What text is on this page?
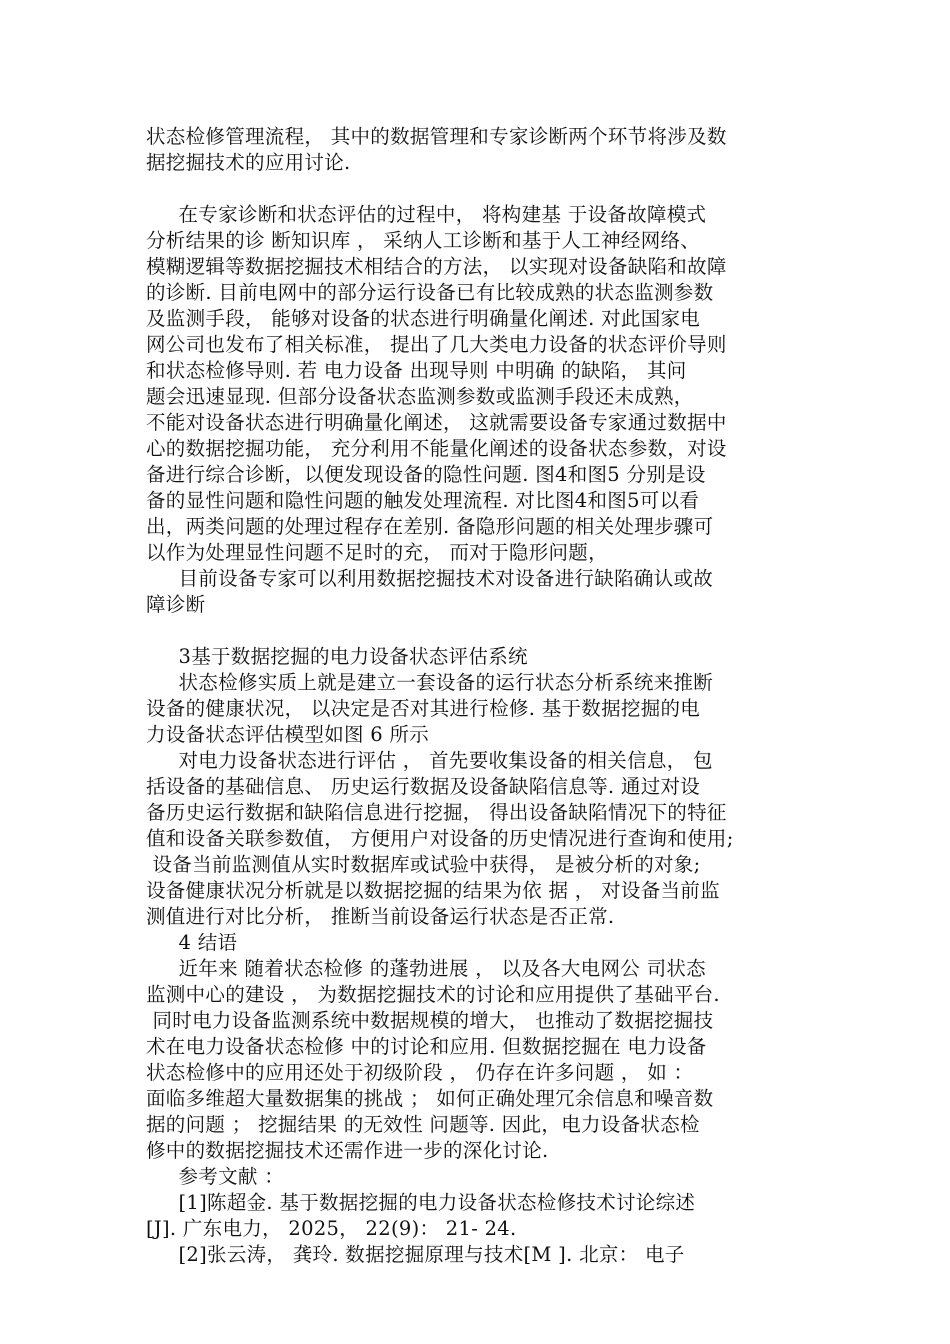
状态检修管理流程， 其中的数据管理和专家诊断两个环节将涉及数
据挖掘技术的应用讨论.
在专家诊断和状态评估的过程中， 将构建基 于设备故障模式
分析结果的诊 断知识库 ， 采纳人工诊断和基于人工神经网络、
模糊逻辑等数据挖掘技术相结合的方法， 以实现对设备缺陷和故障
的诊断. 目前电网中的部分运行设备已有比较成熟的状态监测参数
及监测手段， 能够对设备的状态进行明确量化阐述. 对此国家电
网公司也发布了相关标准， 提出了几大类电力设备的状态评价导则
和状态检修导则. 若 电力设备 出现导则 中明确 的缺陷， 其问
题会迅速显现. 但部分设备状态监测参数或监测手段还未成熟，
不能对设备状态进行明确量化阐述， 这就需要设备专家通过数据中
心的数据挖掘功能， 充分利用不能量化阐述的设备状态参数，对设
备进行综合诊断，以便发现设备的隐性问题. 图4和图5 分别是设
备的显性问题和隐性问题的触发处理流程. 对比图4和图5可以看
出，两类问题的处理过程存在差别. 备隐形问题的相关处理步骤可
以作为处理显性问题不足时的充， 而对于隐形问题，
目前设备专家可以利用数据挖掘技术对设备进行缺陷确认或故
障诊断
3基于数据挖掘的电力设备状态评估系统
状态检修实质上就是建立一套设备的运行状态分析系统来推断
设备的健康状况， 以决定是否对其进行检修. 基于数据挖掘的电
力设备状态评估模型如图 6 所示
对电力设备状态进行评估 ， 首先要收集设备的相关信息， 包
括设备的基础信息、 历史运行数据及设备缺陷信息等. 通过对设
备历史运行数据和缺陷信息进行挖掘， 得出设备缺陷情况下的特征
值和设备关联参数值， 方便用户对设备的历史情况进行查询和使用;
设备当前监测值从实时数据库或试验中获得， 是被分析的对象;
设备健康状况分析就是以数据挖掘的结果为依 据 ， 对设备当前监
测值进行对比分析， 推断当前设备运行状态是否正常.
4 结语
近年来 随着状态检修 的蓬勃进展 ， 以及各大电网公 司状态
监测中心的建设 ， 为数据挖掘技术的讨论和应用提供了基础平台.
同时电力设备监测系统中数据规模的增大， 也推动了数据挖掘技
术在电力设备状态检修 中的讨论和应用. 但数据挖掘在 电力设备
状态检修中的应用还处于初级阶段 ， 仍存在许多问题 ， 如 ：
面临多维超大量数据集的挑战 ； 如何正确处理冗余信息和噪音数
据的问题 ； 挖掘结果 的无效性 问题等. 因此，电力设备状态检
修中的数据挖掘技术还需作进一步的深化讨论.
参考文献 ：
[1]陈超金. 基于数据挖掘的电力设备状态检修技术讨论综述
[J]. 广东电力， 2025， 22(9)： 21- 24.
[2]张云涛， 龚玲. 数据挖掘原理与技术[M ]. 北京： 电子
